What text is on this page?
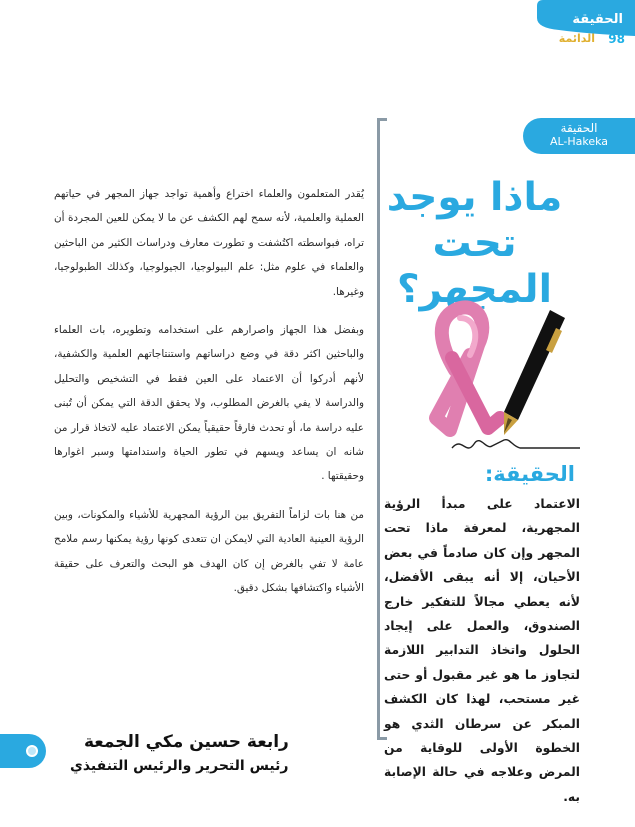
الحقيقة
الدائمة 98
الحقيقة
AL-Hakeka
ماذا يوجد
تحت
المجهر؟
الحقيقة:
الاعتماد على مبدأ الرؤية المجهرية، لمعرفة ماذا تحت المجهر وإن كان صادماً في بعض الأحيان، إلا أنه يبقى الأفضل، لأنه يعطي مجالاً للتفكير خارج الصندوق، والعمل على إيجاد الحلول واتخاذ التدابير اللازمة لتجاوز ما هو غير مقبول أو حتى غير مستحب، لهذا كان الكشف المبكر عن سرطان الثدي هو الخطوة الأولى للوقاية من المرض وعلاجه في حالة الإصابة به.

يُقدر المتعلمون والعلماء اختراع وأهمية تواجد جهاز المجهر في حياتهم العملية والعلمية، لأنه سمح لهم الكشف عن ما لا يمكن للعين المجردة أن تراه، فبواسطته اكتُشفت و تطورت معارف ودراسات الكثير من الباحثين والعلماء في علوم مثل: علم البيولوجيا، الجيولوجيا، وكذلك الطبولوجيا، وغيرها.

وبفضل هذا الجهاز واصرارهم على استخدامه وتطويره، بات العلماء والباحثين اكثر دقة في وضع دراساتهم واستنتاجاتهم العلمية والكشفية، لأنهم أدركوا أن الاعتماد على العين فقط في التشخيص والتحليل والدراسة لا يفي بالغرض المطلوب، ولا يحقق الدقة التي يمكن أن تُبنى عليه دراسة ما، أو تحدث فارقاً حقيقياً يمكن الاعتماد عليه لاتخاذ قرار من شانه ان يساعد ويسهم في تطور الحياة واستدامتها وسبر اغوارها وحقيقتها .

من هنا بات لزاماً التفريق بين الرؤية المجهرية للأشياء والمكونات، وبين الرؤية العينية العادية التي لايمكن ان تتعدى كونها رؤية يمكنها رسم ملامح عامة لا تفي بالغرض إن كان الهدف هو البحث والتعرف على حقيقة الأشياء واكتشافها بشكل دقيق.

رابعة حسين مكي الجمعة
رئيس التحرير والرئيس التنفيذي
